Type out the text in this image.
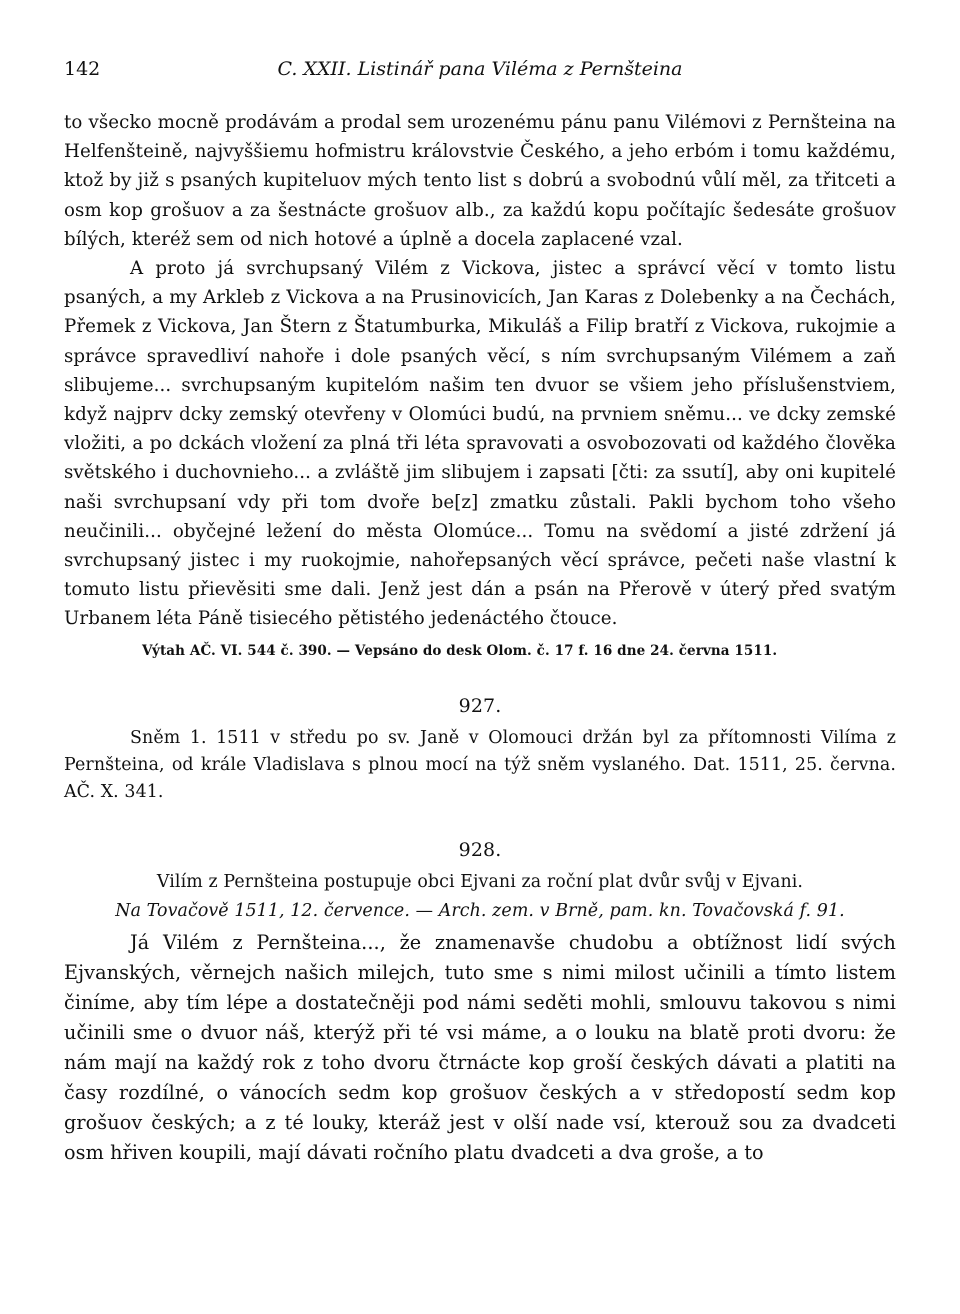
142	C. XXII. Listinář pana Viléma z Pernšteina

to všecko mocně prodávám a prodal sem urozenému pánu panu Vilémovi z Pernšteina na Helfenšteině, najvyššiemu hofmistru královstvie Českého, a jeho erbóm i tomu každému, ktož by již s psaných kupiteluov mých tento list s dobrú a svobodnú vůlí měl, za třitceti a osm kop grošuov a za šestnácte grošuov alb., za každú kopu počítajíc šedesáte grošuov bílých, kteréž sem od nich hotové a úplně a docela zaplacené vzal.

A proto já svrchupsaný Vilém z Vickova, jistec a správcí věcí v tomto listu psaných, a my Arkleb z Vickova a na Prusinovicích, Jan Karas z Dolebenky a na Čechách, Přemek z Vickova, Jan Štern z Štatumburka, Mikuláš a Filip bratří z Vickova, rukojmie a správce spravedliví nahoře i dole psaných věcí, s ním svrchupsaným Vilémem a zaň slibujeme... svrchupsaným kupitelóm našim ten dvuor se všiem jeho příslušenstviem, když najprv dcky zemský otevřeny v Olomúci budú, na prvniem sněmu... ve dcky zemské vložiti, a po dckách vložení za plná tři léta spravovati a osvobozovati od každého člověka světského i duchovnieho... a zvláště jim slibujem i zapsati [čti: za ssutí], aby oni kupitelé naši svrchupsaní vdy při tom dvoře be[z] zmatku zůstali. Pakli bychom toho všeho neučinili... obyčejné ležení do města Olomúce... Tomu na svědomí a jisté zdržení já svrchupsaný jistec i my ruokojmie, nahořepsaných věcí správce, pečeti naše vlastní k tomuto listu přievěsiti sme dali. Jenž jest dán a psán na Přerově v úterý před svatým Urbanem léta Páně tisiecého pětistého jedenáctého čtouce.

Výtah AČ. VI. 544 č. 390. — Vepsáno do desk Olom. č. 17 f. 16 dne 24. června 1511.

927.

Sněm 1. 1511 v středu po sv. Janě v Olomouci držán byl za přítomnosti Vilíma z Pernšteina, od krále Vladislava s plnou mocí na týž sněm vyslaného. Dat. 1511, 25. června. AČ. X. 341.

928.

Vilím z Pernšteina postupuje obci Ejvani za roční plat dvůr svůj v Ejvani.

Na Tovačově 1511, 12. července. — Arch. zem. v Brně, pam. kn. Tovačovská f. 91.

Já Vilém z Pernšteina..., že znamenavše chudobu a obtížnost lidí svých Ejvanských, věrnejch našich milejch, tuto sme s nimi milost učinili a tímto listem činíme, aby tím lépe a dostatečněji pod námi seděti mohli, smlouvu takovou s nimi učinili sme o dvuor náš, kterýž při té vsi máme, a o louku na blatě proti dvoru: že nám mají na každý rok z toho dvoru čtrnácte kop groší českých dávati a platiti na časy rozdílné, o vánocích sedm kop grošuov českých a v středopostí sedm kop grošuov českých; a z té louky, kteráž jest v olší nade vsí, kterouž sou za dvadceti osm hřiven koupili, mají dávati ročního platu dvadceti a dva groše, a to
